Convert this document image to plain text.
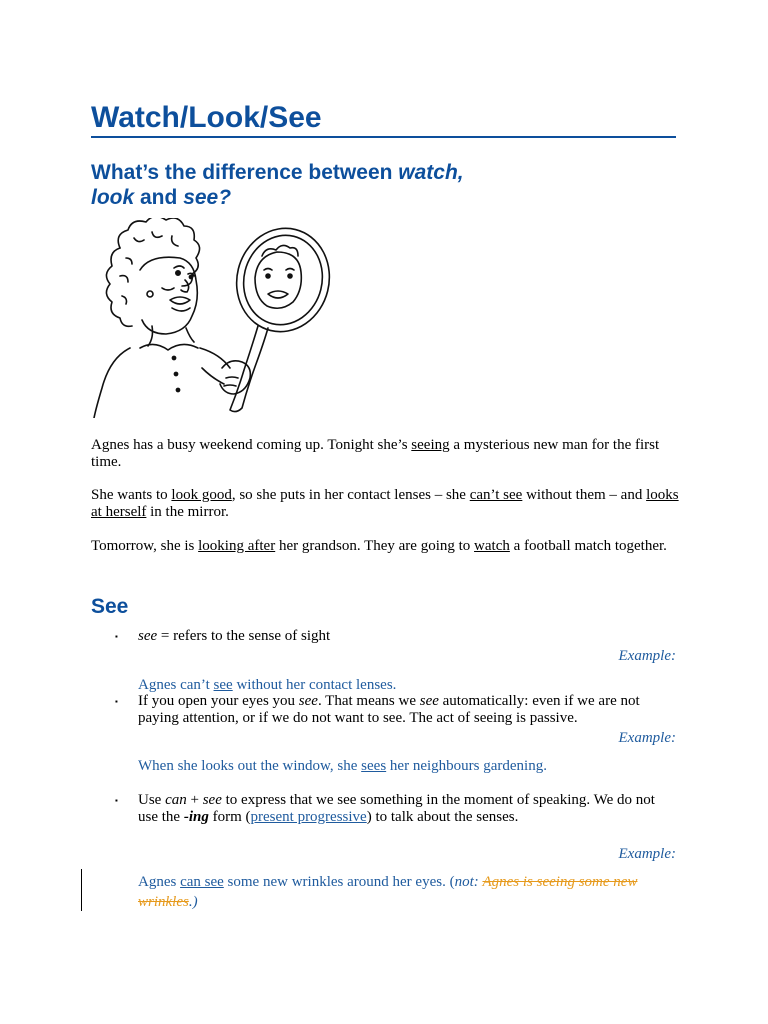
Watch/Look/See
What’s the difference between watch,
look and see?
Agnes has a busy weekend coming up. Tonight she’s seeing a mysterious new man for the first time.
She wants to look good, so she puts in her contact lenses – she can’t see without them – and looks at herself in the mirror.
Tomorrow, she is looking after her grandson. They are going to watch a football match together.
See
▪ see = refers to the sense of sight
Example:
Agnes can’t see without her contact lenses.
▪ If you open your eyes you see. That means we see automatically: even if we are not paying attention, or if we do not want to see. The act of seeing is passive.
Example:
When she looks out the window, she sees her neighbours gardening.
▪ Use can + see to express that we see something in the moment of speaking. We do not use the -ing form (present progressive) to talk about the senses.
Example:
Agnes can see some new wrinkles around her eyes. (not: Agnes is seeing some new wrinkles.)
